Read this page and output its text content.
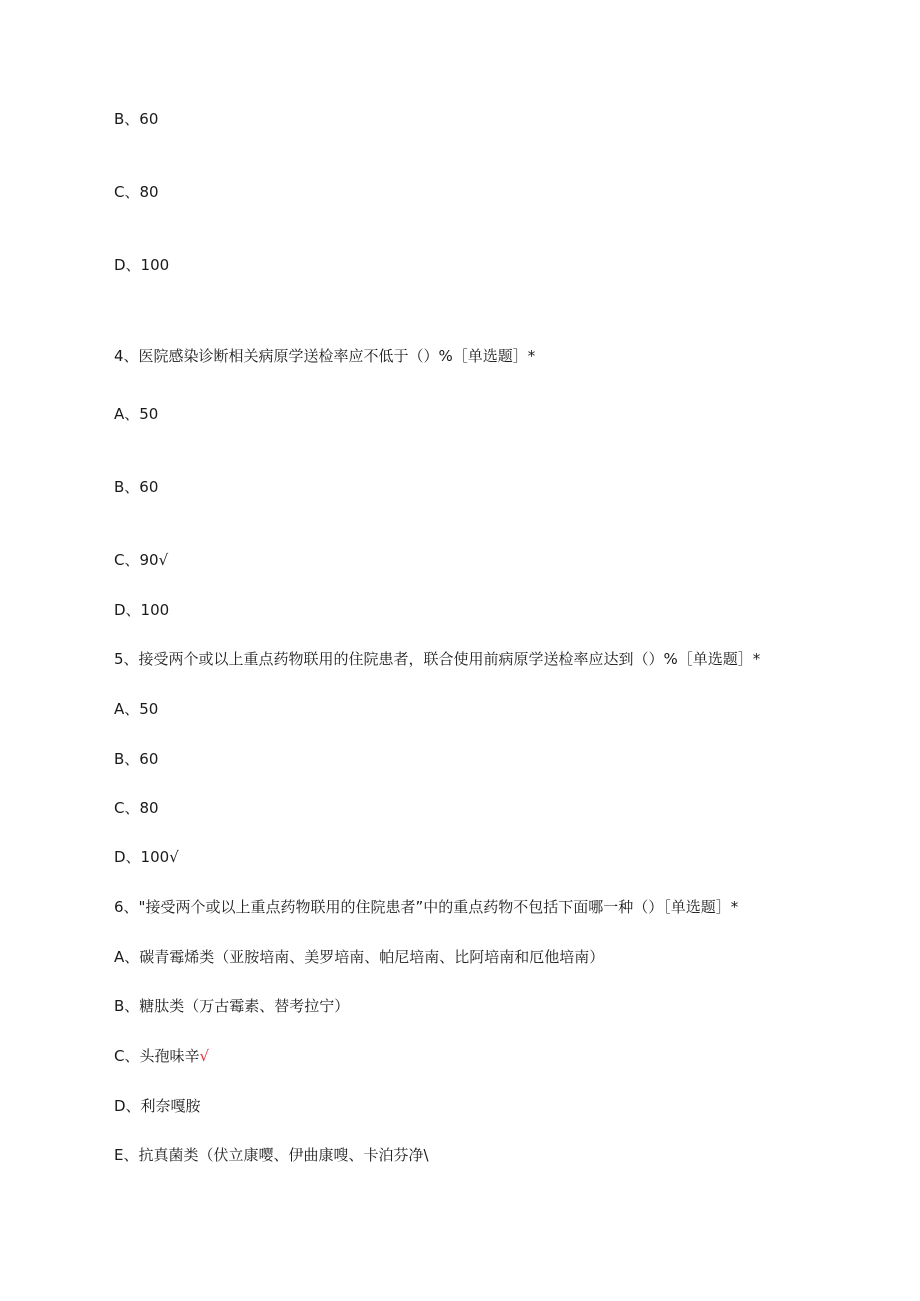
B、60
C、80
D、100
4、医院感染诊断相关病原学送检率应不低于（）%［单选题］*
A、50
B、60
C、90√
D、100
5、接受两个或以上重点药物联用的住院患者，联合使用前病原学送检率应达到（）%［单选题］*
A、50
B、60
C、80
D、100√
6、"接受两个或以上重点药物联用的住院患者”中的重点药物不包括下面哪一种（）［单选题］*
A、碳青霉烯类（亚胺培南、美罗培南、帕尼培南、比阿培南和厄他培南）
B、糖肽类（万古霉素、替考拉宁）
C、头孢味辛√
D、利奈嘎胺
E、抗真菌类（伏立康嘤、伊曲康嗖、卡泊芬净\
